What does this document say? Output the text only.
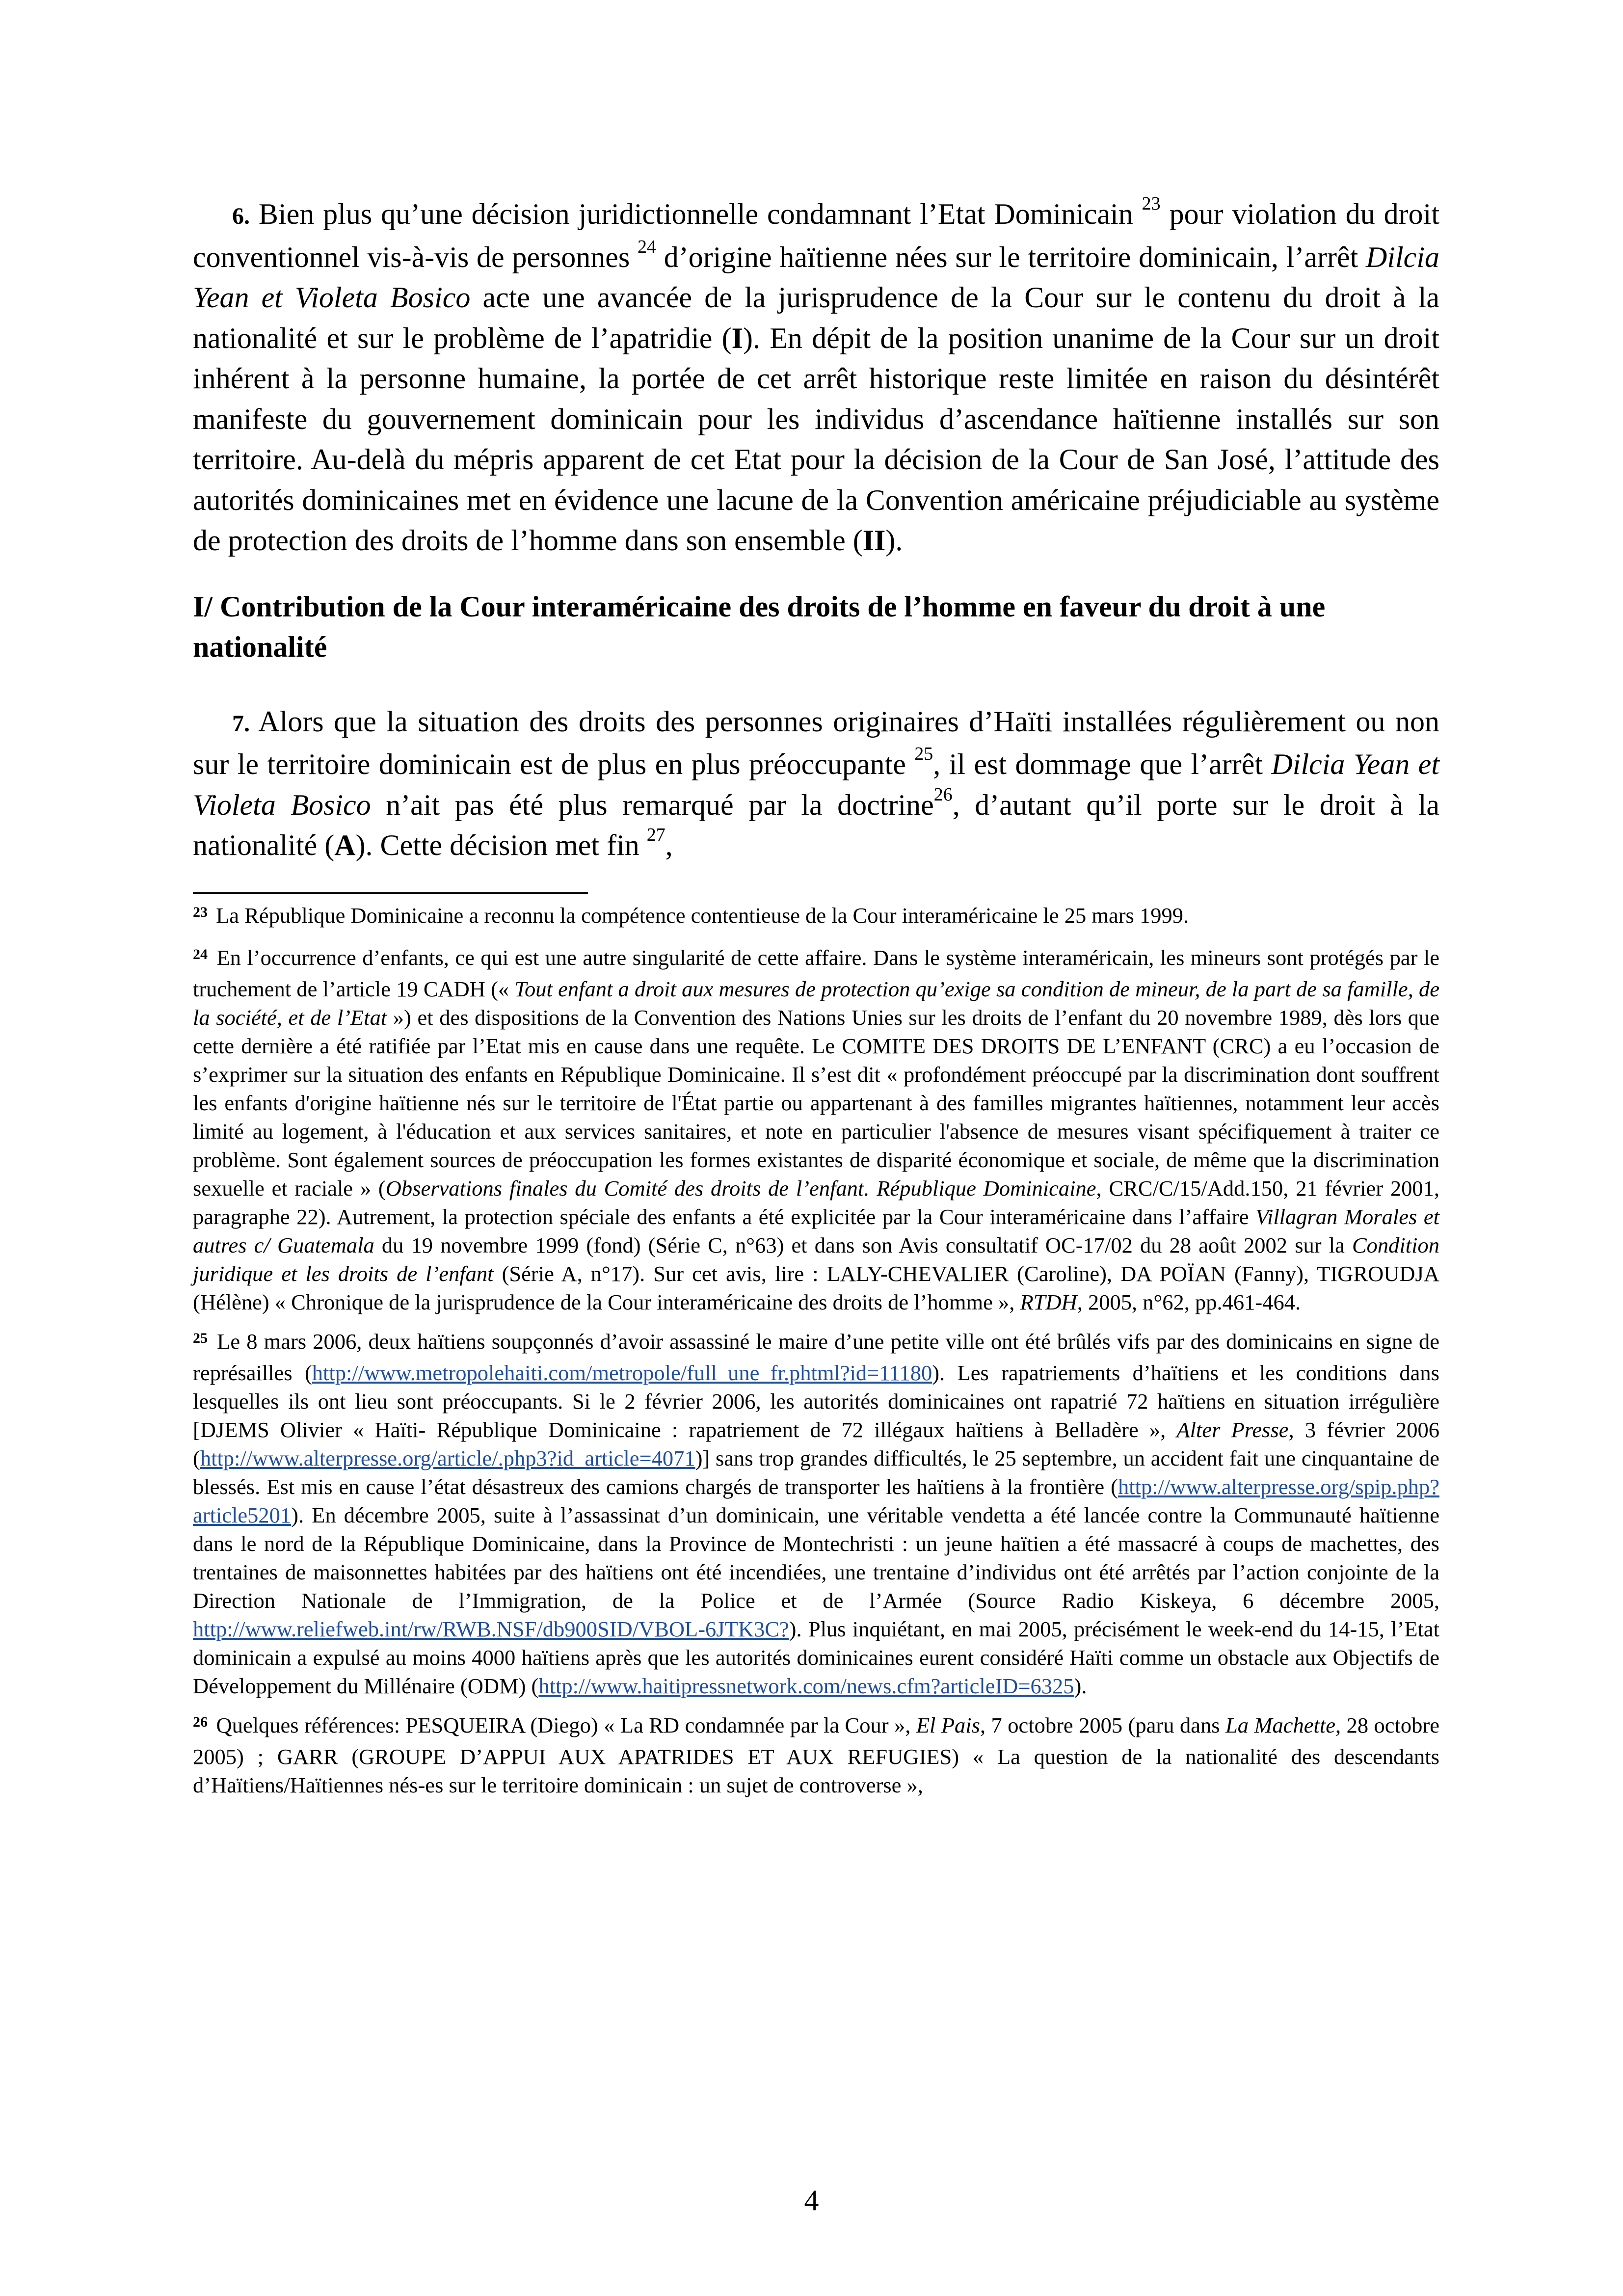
6. Bien plus qu’une décision juridictionnelle condamnant l’Etat Dominicain $^{23}$ pour violation du droit conventionnel vis-à-vis de personnes $^{24}$ d’origine haïtienne nées sur le territoire dominicain, l’arrêt Dilcia Yean et Violeta Bosico acte une avancée de la jurisprudence de la Cour sur le contenu du droit à la nationalité et sur le problème de l’apatridie (I). En dépit de la position unanime de la Cour sur un droit inhérent à la personne humaine, la portée de cet arrêt historique reste limitée en raison du désintérêt manifeste du gouvernement dominicain pour les individus d’ascendance haïtienne installés sur son territoire. Au-delà du mépris apparent de cet Etat pour la décision de la Cour de San José, l’attitude des autorités dominicaines met en évidence une lacune de la Convention américaine préjudiciable au système de protection des droits de l’homme dans son ensemble (II).

I/ Contribution de la Cour interaméricaine des droits de l’homme en faveur du droit à une nationalité

7. Alors que la situation des droits des personnes originaires d’Haïti installées régulièrement ou non sur le territoire dominicain est de plus en plus préoccupante $^{25}$, il est dommage que l’arrêt Dilcia Yean et Violeta Bosico n’ait pas été plus remarqué par la doctrine$^{26}$, d’autant qu’il porte sur le droit à la nationalité (A). Cette décision met fin $^{27}$,

$^{23}$ La République Dominicaine a reconnu la compétence contentieuse de la Cour interaméricaine le 25 mars 1999.

$^{24}$ En l’occurrence d’enfants, ce qui est une autre singularité de cette affaire. Dans le système interaméricain, les mineurs sont protégés par le truchement de l’article 19 CADH (« Tout enfant a droit aux mesures de protection qu’exige sa condition de mineur, de la part de sa famille, de la société, et de l’Etat ») et des dispositions de la Convention des Nations Unies sur les droits de l’enfant du 20 novembre 1989, dès lors que cette dernière a été ratifiée par l’Etat mis en cause dans une requête. Le COMITE DES DROITS DE L’ENFANT (CRC) a eu l’occasion de s’exprimer sur la situation des enfants en République Dominicaine. Il s’est dit « profondément préoccupé par la discrimination dont souffrent les enfants d'origine haïtienne nés sur le territoire de l'État partie ou appartenant à des familles migrantes haïtiennes, notamment leur accès limité au logement, à l'éducation et aux services sanitaires, et note en particulier l'absence de mesures visant spécifiquement à traiter ce problème. Sont également sources de préoccupation les formes existantes de disparité économique et sociale, de même que la discrimination sexuelle et raciale » (Observations finales du Comité des droits de l’enfant. République Dominicaine, CRC/C/15/Add.150, 21 février 2001, paragraphe 22). Autrement, la protection spéciale des enfants a été explicitée par la Cour interaméricaine dans l’affaire Villagran Morales et autres c/ Guatemala du 19 novembre 1999 (fond) (Série C, n°63) et dans son Avis consultatif OC-17/02 du 28 août 2002 sur la Condition juridique et les droits de l’enfant (Série A, n°17). Sur cet avis, lire : LALY-CHEVALIER (Caroline), DA POÏAN (Fanny), TIGROUDJA (Hélène) « Chronique de la jurisprudence de la Cour interaméricaine des droits de l’homme », RTDH, 2005, n°62, pp.461-464.

$^{25}$ Le 8 mars 2006, deux haïtiens soupçonnés d’avoir assassiné le maire d’une petite ville ont été brûlés vifs par des dominicains en signe de représailles (http://www.metropolehaiti.com/metropole/full_une_fr.phtml?id=11180). Les rapatriements d’haïtiens et les conditions dans lesquelles ils ont lieu sont préoccupants. Si le 2 février 2006, les autorités dominicaines ont rapatrié 72 haïtiens en situation irrégulière [DJEMS Olivier « Haïti- République Dominicaine : rapatriement de 72 illégaux haïtiens à Belladère », Alter Presse, 3 février 2006 (http://www.alterpresse.org/article/.php3?id_article=4071)] sans trop grandes difficultés, le 25 septembre, un accident fait une cinquantaine de blessés. Est mis en cause l’état désastreux des camions chargés de transporter les haïtiens à la frontière (http://www.alterpresse.org/spip.php?article5201). En décembre 2005, suite à l’assassinat d’un dominicain, une véritable vendetta a été lancée contre la Communauté haïtienne dans le nord de la République Dominicaine, dans la Province de Montechristi : un jeune haïtien a été massacré à coups de machettes, des trentaines de maisonnettes habitées par des haïtiens ont été incendiées, une trentaine d’individus ont été arrêtés par l’action conjointe de la Direction Nationale de l’Immigration, de la Police et de l’Armée (Source Radio Kiskeya, 6 décembre 2005, http://www.reliefweb.int/rw/RWB.NSF/db900SID/VBOL-6JTK3C?). Plus inquiétant, en mai 2005, précisément le week-end du 14-15, l’Etat dominicain a expulsé au moins 4000 haïtiens après que les autorités dominicaines eurent considéré Haïti comme un obstacle aux Objectifs de Développement du Millénaire (ODM) (http://www.haitipressnetwork.com/news.cfm?articleID=6325).

$^{26}$ Quelques références: PESQUEIRA (Diego) « La RD condamnée par la Cour », El Pais, 7 octobre 2005 (paru dans La Machette, 28 octobre 2005) ; GARR (GROUPE D’APPUI AUX APATRIDES ET AUX REFUGIES) « La question de la nationalité des descendants d’Haïtiens/Haïtiennes nés-es sur le territoire dominicain : un sujet de controverse »,

4
